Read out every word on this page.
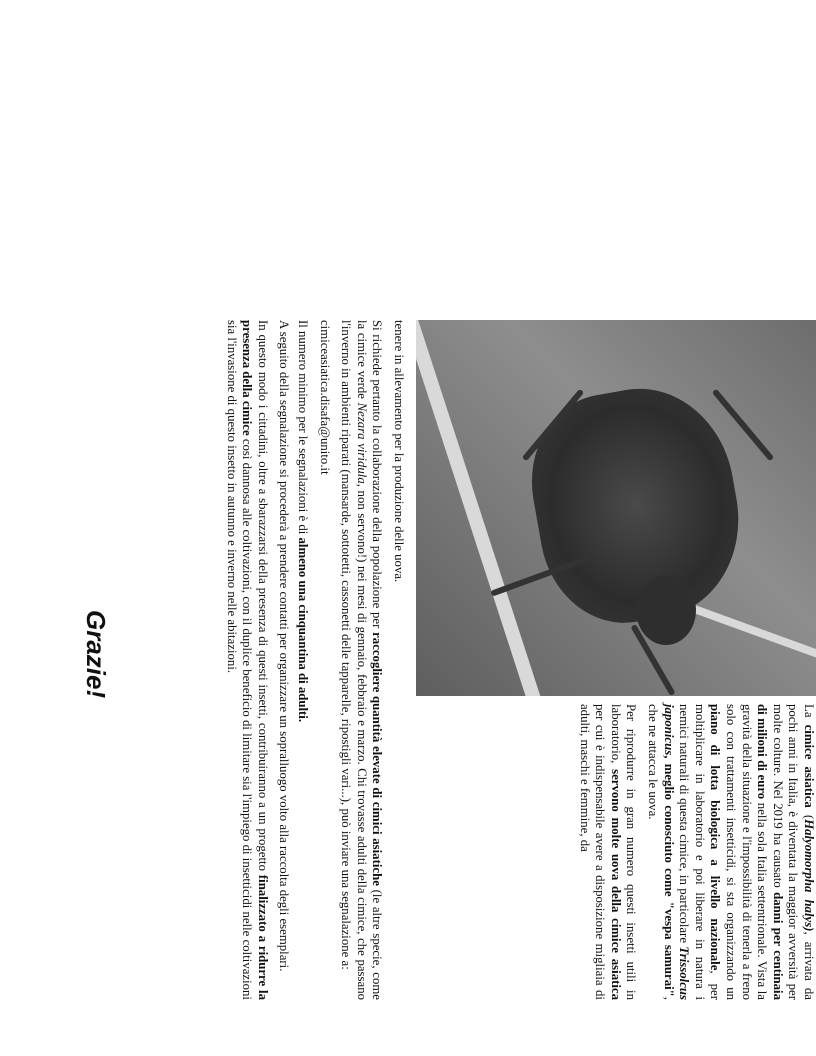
La cimice asiatica (Halyomorpha halys), arrivata da pochi anni in Italia, è diventata la maggior avversità per molte colture. Nel 2019 ha causato danni per centinaia di milioni di euro nella sola Italia settentrionale. Vista la gravità della situazione e l'impossibilità di tenerla a freno solo con trattamenti insetticidi, si sta organizzando un piano di lotta biologica a livello nazionale, per moltiplicare in laboratorio e poi liberare in natura i nemici naturali di questa cimice, in particolare Trissolcus japonicus, meglio conosciuto come "vespa samurai", che ne attacca le uova.

Per riprodurre in gran numero questi insetti utili in laboratorio, servono molte uova della cimice asiatica per cui è indispensabile avere a disposizione migliaia di adulti, maschi e femmine, da

tenere in allevamento per la produzione delle uova.

Si richiede pertanto la collaborazione della popolazione per raccogliere quantità elevate di cimici asiatiche (le altre specie, come la cimice verde Nezara viridula, non servono!) nei mesi di gennaio, febbraio e marzo. Chi trovasse adulti della cimice, che passano l'inverno in ambienti riparati (mansarde, sottotetti, cassonetti delle tapparelle, ripostigli vari...), può inviare una segnalazione a:

cimiceasiatica.disafa@unito.it

Il numero minimo per le segnalazioni è di almeno una cinquantina di adulti.

A seguito della segnalazione si procederà a prendere contatti per organizzare un sopralluogo volto alla raccolta degli esemplari.

In questo modo i cittadini, oltre a sbarazzarsi della presenza di questi insetti, contribuiranno a un progetto finalizzato a ridurre la presenza della cimice così dannosa alle coltivazioni, con il duplice beneficio di limitare sia l'impiego di insetticidi nelle coltivazioni sia l'invasione di questo insetto in autunno e inverno nelle abitazioni.

Grazie!
